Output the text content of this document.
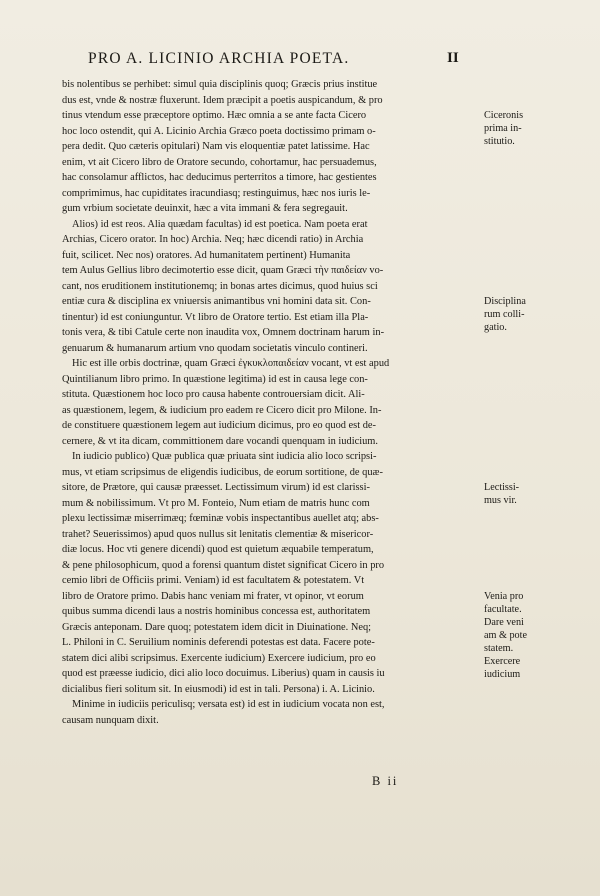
PRO A. LICINIO ARCHIA POETA.	II
bis nolentibus se perhibet: simul quia disciplinis quoq; Græcis prius institue
dus est, vnde & nostræ fluxerunt. Idem præcipit a poetis auspicandum, & pro
tinus vtendum esse præceptore optimo. Hæc omnia a se ante facta Cicero
hoc loco ostendit, qui A. Licinio Archia Græco poeta doctissimo primam o-
pera dedit. Quo cæteris opitulari) Nam vis eloquentiæ patet latissime. Hac
enim, vt ait Cicero libro de Oratore secundo, cohortamur, hac persuademus,
hac consolamur afflictos, hac deducimus perterritos a timore, hac gestientes
comprimimus, hac cupiditates iracundiasq; restinguimus, hæc nos iuris le-
gum vrbium societate deuinxit, hæc a vita immani & fera segregauit.
Alios) id est reos. Alia quædam facultas) id est poetica. Nam poeta erat
Archias, Cicero orator. In hoc) Archia. Neq; hæc dicendi ratio) in Archia
fuit, scilicet. Nec nos) oratores. Ad humanitatem pertinent) Humanita
tem Aulus Gellius libro decimotertio esse dicit, quam Græci τὴν παιδείαν vo-
cant, nos eruditionem institutionemq; in bonas artes dicimus, quod huius sci
entiæ cura & disciplina ex vniuersis animantibus vni homini data sit. Con-
tinentur) id est coniunguntur. Vt libro de Oratore tertio. Est etiam illa Pla-
tonis vera, & tibi Catule certe non inaudita vox, Omnem doctrinam harum in-
genuarum & humanarum artium vno quodam societatis vinculo contineri.
Hic est ille orbis doctrinæ, quam Græci ἐγκυκλοπαιδείαν vocant, vt est apud
Quintilianum libro primo. In quæstione legitima) id est in causa lege con-
stituta. Quæstionem hoc loco pro causa habente controuersiam dicit. Ali-
as quæstionem, legem, & iudicium pro eadem re Cicero dicit pro Milone. In-
de constituere quæstionem legem aut iudicium dicimus, pro eo quod est de-
cernere, & vt ita dicam, committionem dare vocandi quenquam in iudicium.
In iudicio publico) Quæ publica quæ priuata sint iudicia alio loco scripsi-
mus, vt etiam scripsimus de eligendis iudicibus, de eorum sortitione, de quæ-
sitore, de Prætore, qui causæ præesset. Lectissimum virum) id est clarissi-
mum & nobilissimum. Vt pro M. Fonteio, Num etiam de matris hunc com
plexu lectissimæ miserrimæq; fœminæ vobis inspectantibus auellet atq; abs-
trahet? Seuerissimos) apud quos nullus sit lenitatis clementiæ & misericor-
diæ locus. Hoc vti genere dicendi) quod est quietum æquabile temperatum,
& pene philosophicum, quod a forensi quantum distet significat Cicero in pro
cemio libri de Officiis primi. Veniam) id est facultatem & potestatem. Vt
libro de Oratore primo. Dabis hanc veniam mi frater, vt opinor, vt eorum
quibus summa dicendi laus a nostris hominibus concessa est, authoritatem
Græcis anteponam. Dare quoq; potestatem idem dicit in Diuinatione. Neq;
L. Philoni in C. Seruilium nominis deferendi potestas est data. Facere pote-
statem dici alibi scripsimus. Exercente iudicium) Exercere iudicium, pro eo
quod est præesse iudicio, dici alio loco docuimus. Liberius) quam in causis iu
dicialibus fieri solitum sit. In eiusmodi) id est in tali. Persona) i. A. Licinio.
Minime in iudiciis periculisq; versata est) id est in iudicium vocata non est,
causam nunquam dixit.
Ciceronis
prima in-
stitutio.
Disciplina
rum colli-
gatio.
Lectissi-
mus vir.
Venia pro
facultate.
Dare veni
am & pote
statem.
Exercere
iudicium
B ii
